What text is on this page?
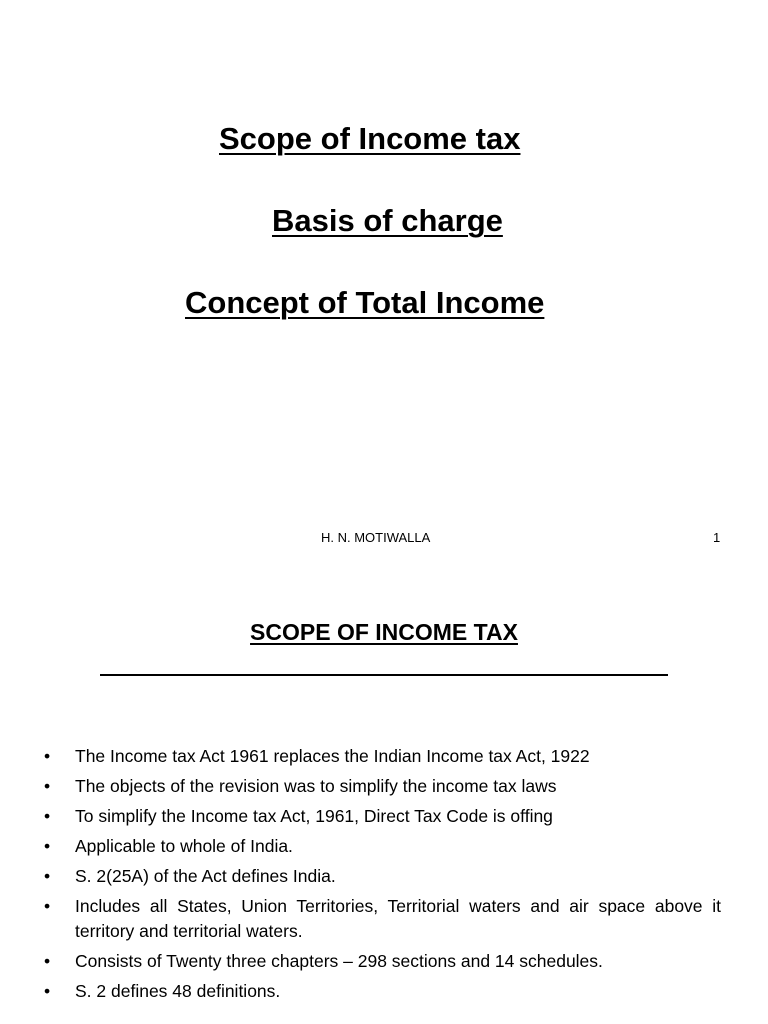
Scope of Income tax
Basis of charge
Concept of Total Income
H. N. MOTIWALLA	1
SCOPE OF INCOME TAX
• The Income tax Act 1961 replaces the Indian Income tax Act, 1922
• The objects of the revision was to simplify the income tax laws
• To simplify the Income tax Act, 1961, Direct Tax Code is offing
• Applicable to whole of India.
• S. 2(25A) of the Act defines India.
• Includes all States, Union Territories, Territorial waters and air space above it territory and territorial waters.
• Consists of Twenty three chapters – 298 sections and 14 schedules.
• S. 2 defines 48 definitions.
